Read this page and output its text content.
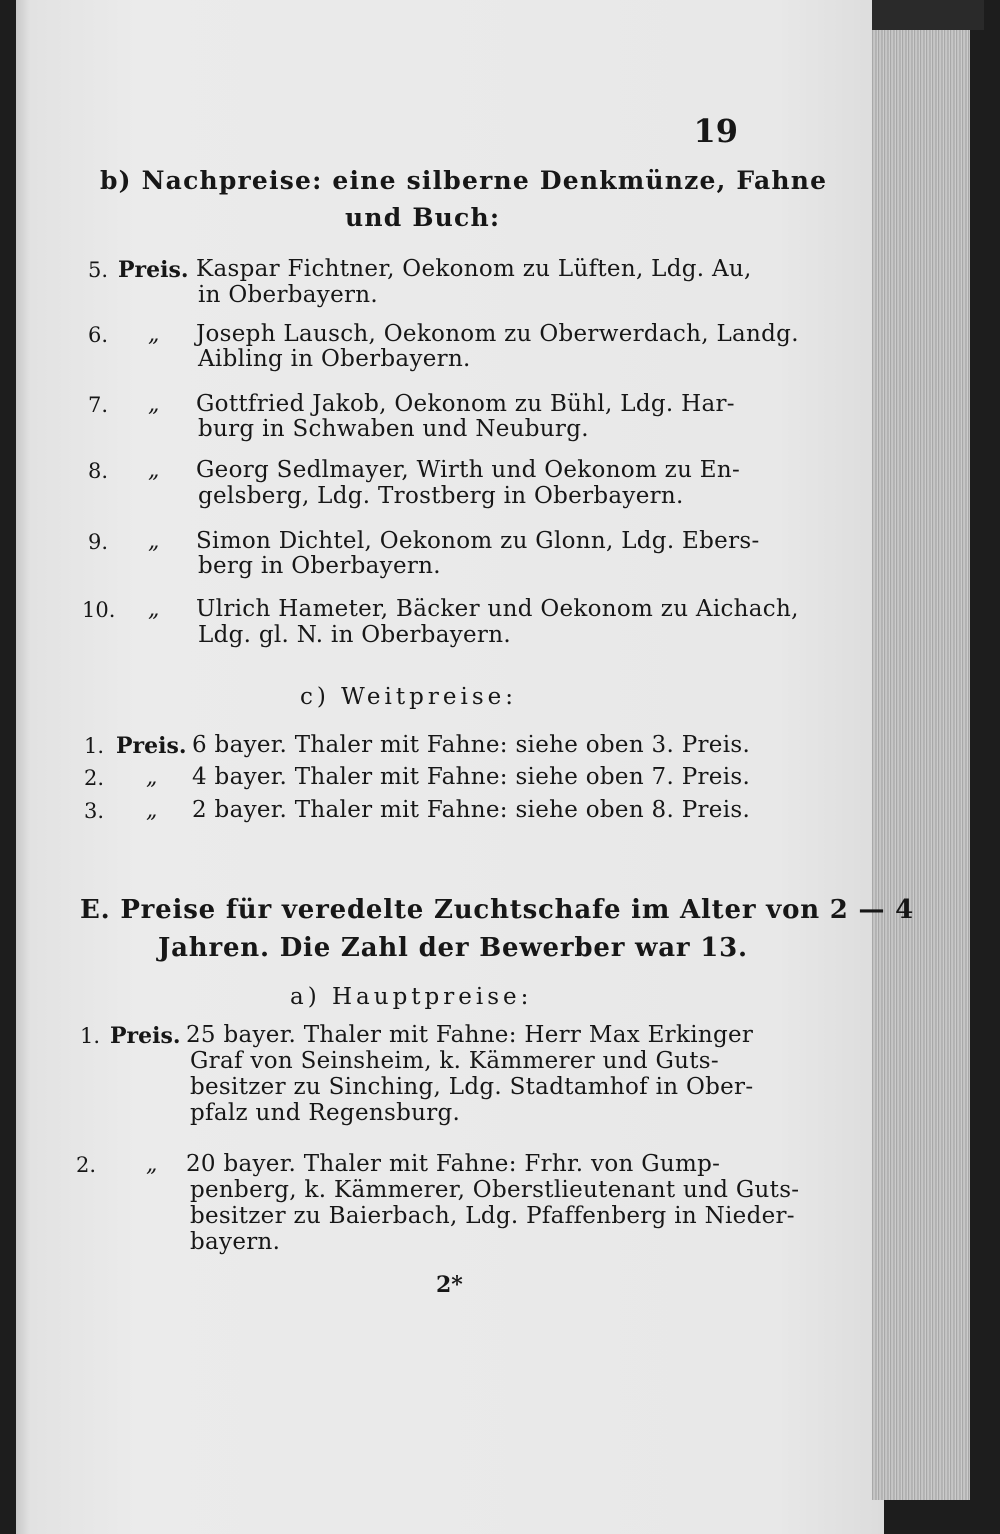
19
b) Nachpreise: eine silberne Denkmünze, Fahne
und Buch:
5. Preis. Kaspar Fichtner, Oekonom zu Lüften, Ldg. Au,
in Oberbayern.
6. „ Joseph Lausch, Oekonom zu Oberwerdach, Landg.
Aibling in Oberbayern.
7. „ Gottfried Jakob, Oekonom zu Bühl, Ldg. Har-
burg in Schwaben und Neuburg.
8. „ Georg Sedlmayer, Wirth und Oekonom zu En-
gelsberg, Ldg. Trostberg in Oberbayern.
9. „ Simon Dichtel, Oekonom zu Glonn, Ldg. Ebers-
berg in Oberbayern.
10. „ Ulrich Hameter, Bäcker und Oekonom zu Aichach,
Ldg. gl. N. in Oberbayern.
c) Weitpreise:
1. Preis. 6 bayer. Thaler mit Fahne: siehe oben 3. Preis.
2. „ 4 bayer. Thaler mit Fahne: siehe oben 7. Preis.
3. „ 2 bayer. Thaler mit Fahne: siehe oben 8. Preis.
E. Preise für veredelte Zuchtschafe im Alter von 2 — 4
Jahren. Die Zahl der Bewerber war 13.
a) Hauptpreise:
1. Preis. 25 bayer. Thaler mit Fahne: Herr Max Erkinger
Graf von Seinsheim, k. Kämmerer und Guts-
besitzer zu Sinching, Ldg. Stadtamhof in Ober-
pfalz und Regensburg.
2. „ 20 bayer. Thaler mit Fahne: Frhr. von Gump-
penberg, k. Kämmerer, Oberstlieutenant und Guts-
besitzer zu Baierbach, Ldg. Pfaffenberg in Nieder-
bayern.
2*
